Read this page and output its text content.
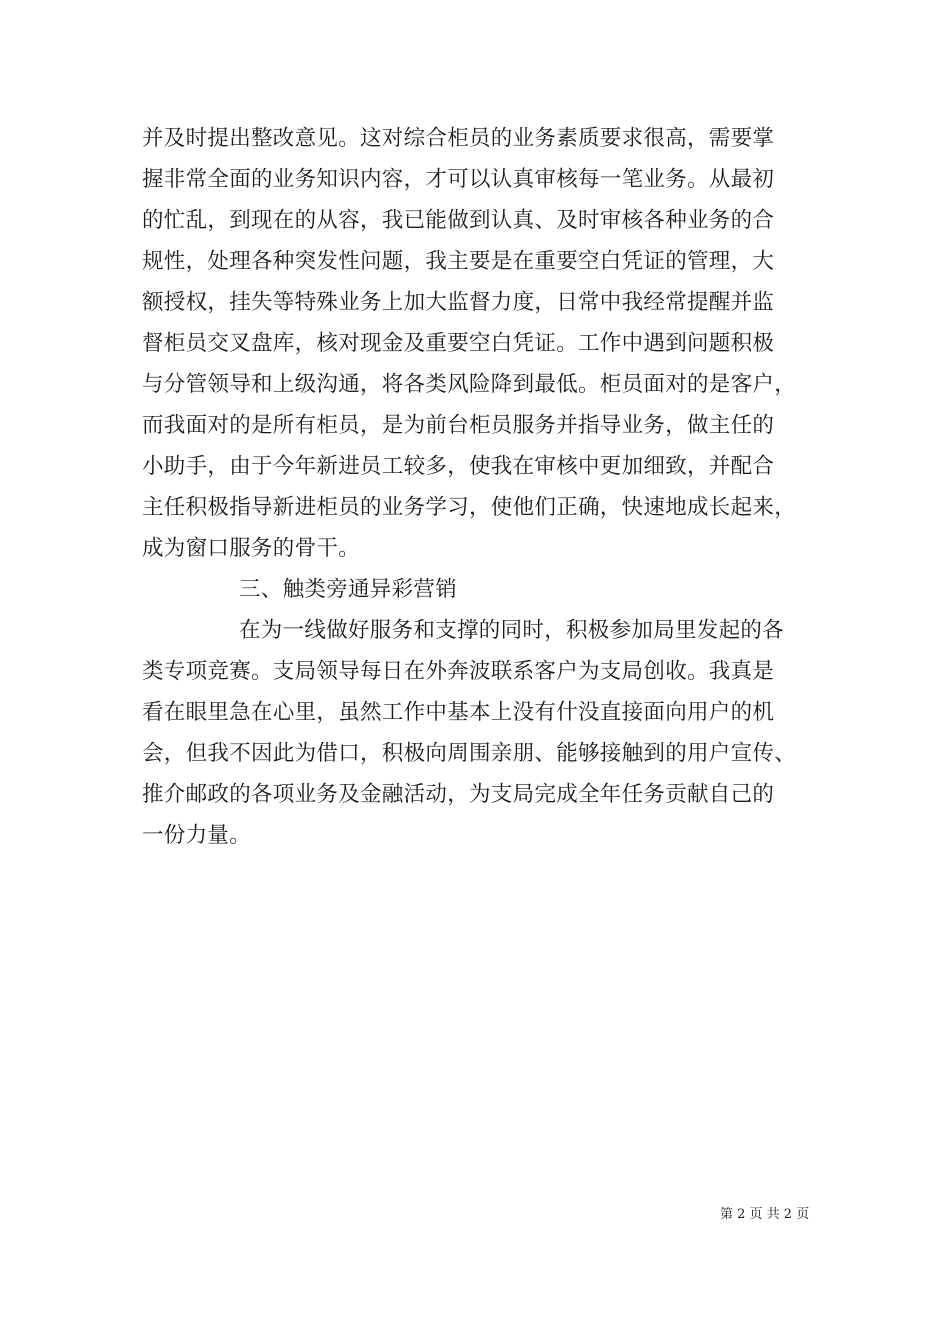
并及时提出整改意见。这对综合柜员的业务素质要求很高，需要掌
握非常全面的业务知识内容，才可以认真审核每一笔业务。从最初
的忙乱，到现在的从容，我已能做到认真、及时审核各种业务的合
规性，处理各种突发性问题，我主要是在重要空白凭证的管理，大
额授权，挂失等特殊业务上加大监督力度，日常中我经常提醒并监
督柜员交叉盘库，核对现金及重要空白凭证。工作中遇到问题积极
与分管领导和上级沟通，将各类风险降到最低。柜员面对的是客户，
而我面对的是所有柜员，是为前台柜员服务并指导业务，做主任的
小助手，由于今年新进员工较多，使我在审核中更加细致，并配合
主任积极指导新进柜员的业务学习，使他们正确，快速地成长起来，
成为窗口服务的骨干。
三、触类旁通异彩营销
在为一线做好服务和支撑的同时，积极参加局里发起的各
类专项竞赛。支局领导每日在外奔波联系客户为支局创收。我真是
看在眼里急在心里，虽然工作中基本上没有什没直接面向用户的机
会，但我不因此为借口，积极向周围亲朋、能够接触到的用户宣传、
推介邮政的各项业务及金融活动，为支局完成全年任务贡献自己的
一份力量。
第 2 页 共 2 页
